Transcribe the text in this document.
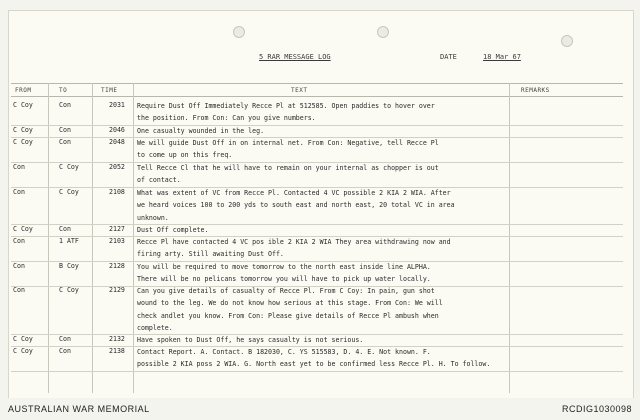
5 RAR MESSAGE LOG	DATE	18 Mar 67
FROM	TO	TIME	TEXT	REMARKS
C Coy	Con	2031 Require Dust Off Immediately Recce Pl at 512585. Open paddies to hover over
the position. From Con: Can you give numbers.
C Coy	Con	2046 One casualty wounded in the leg.
C Coy	Con	2048 We will guide Dust Off in on internal net. From Con: Negative, tell Recce Pl
to come up on this freq.
Con	C Coy	2052 Tell Recce Cl that he will have to remain on your internal as chopper is out
of contact.
Con	C Coy	2108 What was extent of VC from Recce Pl. Contacted 4 VC possible 2 KIA 2 WIA. After
we heard voices 100 to 200 yds to south east and north east, 20 total VC in area
unknown.
C Coy	Con	2127 Dust Off complete.
Con	1 ATF	2103 Recce Pl have contacted 4 VC pos ible 2 KIA 2 WIA They area withdrawing now and
firing arty. Still awaiting Dust Off.
Con	B Coy	2128 You will be required to move tomorrow to the north east inside line ALPHA.
There will be no pelicans tomorrow you will have to pick up water locally.
Con	C Coy	2129 Can you give details of casualty of Recce Pl. From C Coy: In pain, gun shot
wound to the leg. We do not know how serious at this stage. From Con: We will
check andlet you know. From Con: Please give details of Recce Pl ambush when
complete.
C Coy	Con	2132 Have spoken to Dust Off, he says casualty is not serious.
C Coy	Con	2138 Contact Report. A. Contact. B 182030, C. YS 515583, D. 4. E. Not known. F.
possible 2 KIA poss 2 WIA. G. North east yet to be confirmed less Recce Pl. H. To follow.
AUSTRALIAN WAR MEMORIAL	RCDIG1030098
